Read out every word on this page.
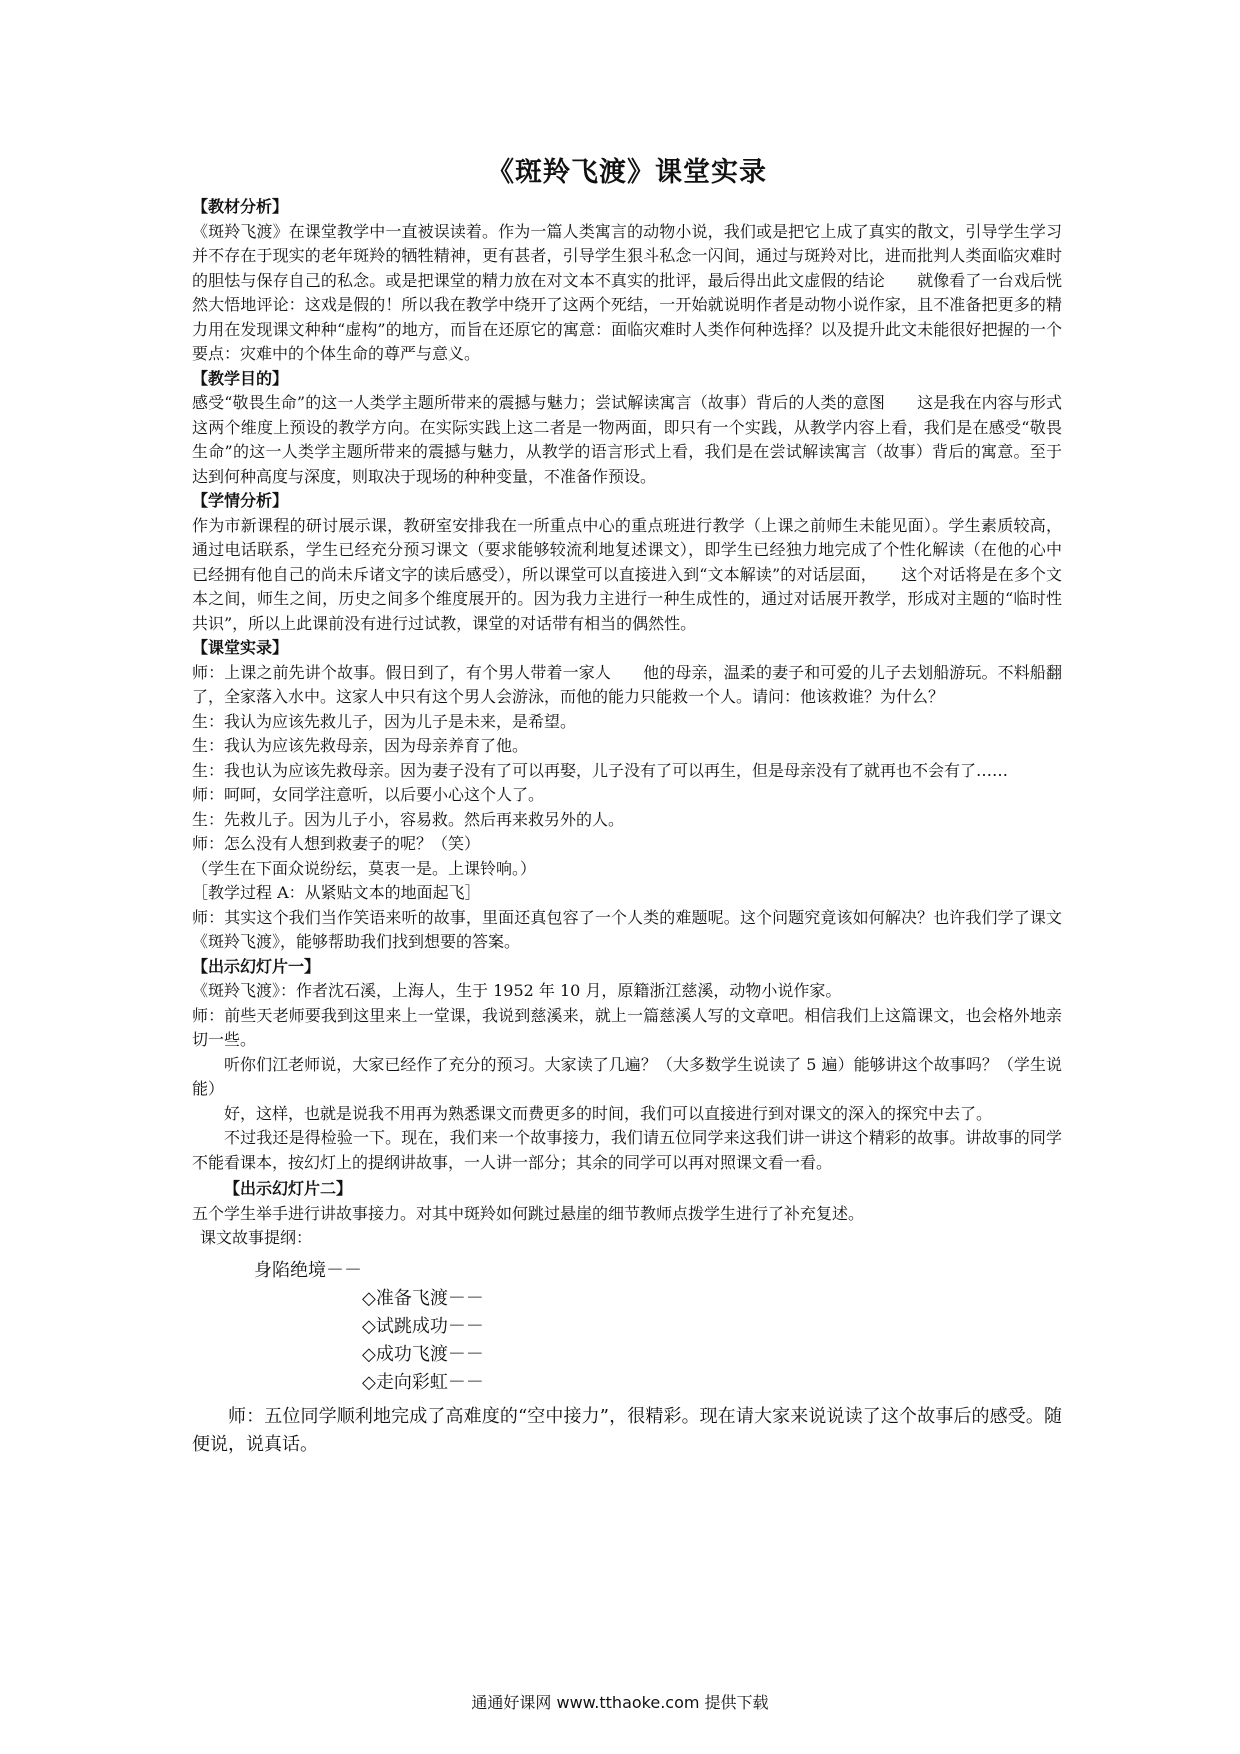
《斑羚飞渡》课堂实录

【教材分析】

《斑羚飞渡》在课堂教学中一直被误读着。作为一篇人类寓言的动物小说，我们或是把它上成了真实的散文，引导学生学习并不存在于现实的老年斑羚的牺牲精神，更有甚者，引导学生狠斗私念一闪间，通过与斑羚对比，进而批判人类面临灾难时的胆怯与保存自己的私念。或是把课堂的精力放在对文本不真实的批评，最后得出此文虚假的结论　　就像看了一台戏后恍然大悟地评论：这戏是假的！所以我在教学中绕开了这两个死结，一开始就说明作者是动物小说作家，且不准备把更多的精力用在发现课文种种“虚构”的地方，而旨在还原它的寓意：面临灾难时人类作何种选择？以及提升此文未能很好把握的一个要点：灾难中的个体生命的尊严与意义。

【教学目的】

感受“敬畏生命”的这一人类学主题所带来的震撼与魅力；尝试解读寓言（故事）背后的人类的意图　　这是我在内容与形式这两个维度上预设的教学方向。在实际实践上这二者是一物两面，即只有一个实践，从教学内容上看，我们是在感受“敬畏生命”的这一人类学主题所带来的震撼与魅力，从教学的语言形式上看，我们是在尝试解读寓言（故事）背后的寓意。至于达到何种高度与深度，则取决于现场的种种变量，不准备作预设。

【学情分析】

作为市新课程的研讨展示课，教研室安排我在一所重点中心的重点班进行教学（上课之前师生未能见面）。学生素质较高，通过电话联系，学生已经充分预习课文（要求能够较流利地复述课文），即学生已经独力地完成了个性化解读（在他的心中已经拥有他自己的尚未斥诸文字的读后感受），所以课堂可以直接进入到“文本解读”的对话层面，　　这个对话将是在多个文本之间，师生之间，历史之间多个维度展开的。因为我力主进行一种生成性的，通过对话展开教学，形成对主题的“临时性共识”，所以上此课前没有进行过试教，课堂的对话带有相当的偶然性。

【课堂实录】

师：上课之前先讲个故事。假日到了，有个男人带着一家人　　他的母亲，温柔的妻子和可爱的儿子去划船游玩。不料船翻了，全家落入水中。这家人中只有这个男人会游泳，而他的能力只能救一个人。请问：他该救谁？为什么？

生：我认为应该先救儿子，因为儿子是未来，是希望。

生：我认为应该先救母亲，因为母亲养育了他。

生：我也认为应该先救母亲。因为妻子没有了可以再娶，儿子没有了可以再生，但是母亲没有了就再也不会有了……

师：呵呵，女同学注意听，以后要小心这个人了。

生：先救儿子。因为儿子小，容易救。然后再来救另外的人。

师：怎么没有人想到救妻子的呢？（笑）

（学生在下面众说纷纭，莫衷一是。上课铃响。）

［教学过程 A：从紧贴文本的地面起飞］

师：其实这个我们当作笑语来听的故事，里面还真包容了一个人类的难题呢。这个问题究竟该如何解决？也许我们学了课文《斑羚飞渡》，能够帮助我们找到想要的答案。

【出示幻灯片一】

《斑羚飞渡》：作者沈石溪，上海人，生于 1952 年 10 月，原籍浙江慈溪，动物小说作家。

师：前些天老师要我到这里来上一堂课，我说到慈溪来，就上一篇慈溪人写的文章吧。相信我们上这篇课文，也会格外地亲切一些。

听你们江老师说，大家已经作了充分的预习。大家读了几遍？（大多数学生说读了 5 遍）能够讲这个故事吗？（学生说能）

好，这样，也就是说我不用再为熟悉课文而费更多的时间，我们可以直接进行到对课文的深入的探究中去了。

不过我还是得检验一下。现在，我们来一个故事接力，我们请五位同学来这我们讲一讲这个精彩的故事。讲故事的同学不能看课本，按幻灯上的提纲讲故事，一人讲一部分；其余的同学可以再对照课文看一看。

【出示幻灯片二】

五个学生举手进行讲故事接力。对其中斑羚如何跳过悬崖的细节教师点拨学生进行了补充复述。

课文故事提纲：

身陷绝境－－

◇准备飞渡－－

◇试跳成功－－

◇成功飞渡－－

◇走向彩虹－－

师：五位同学顺利地完成了高难度的“空中接力”，很精彩。现在请大家来说说读了这个故事后的感受。随便说，说真话。

通通好课网 www.tthaoke.com 提供下载
